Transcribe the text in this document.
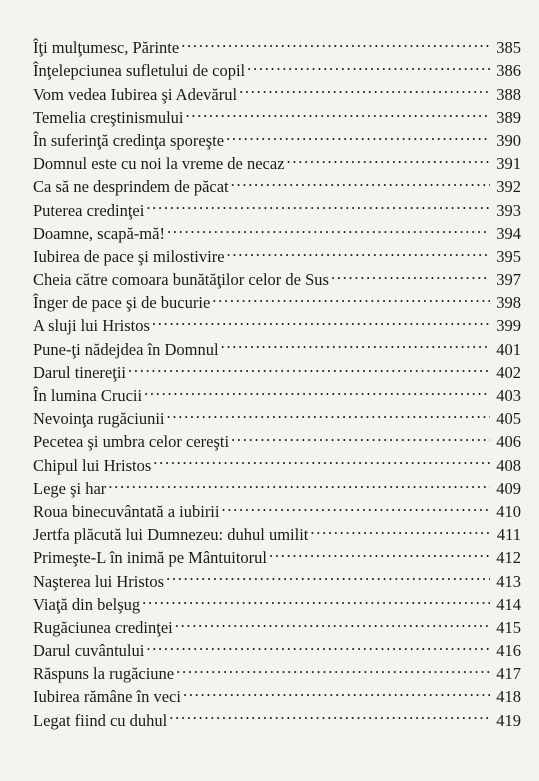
Îţi mulţumesc, Părinte . . .	385
Înţelepciunea sufletului de copil . . .	386
Vom vedea Iubirea şi Adevărul . . .	388
Temelia creştinismului . . .	389
În suferinţă credinţa sporeşte . . .	390
Domnul este cu noi la vreme de necaz . . .	391
Ca să ne desprindem de păcat . . .	392
Puterea credinţei . . .	393
Doamne, scapă-mă! . . .	394
Iubirea de pace şi milostivire . . .	395
Cheia către comoara bunătăţilor celor de Sus . . .	397
Înger de pace şi de bucurie . . .	398
A sluji lui Hristos . . .	399
Pune-ţi nădejdea în Domnul . . .	401
Darul tinereţii . . .	402
În lumina Crucii . . .	403
Nevoinţa rugăciunii . . .	405
Pecetea şi umbra celor cereşti . . .	406
Chipul lui Hristos . . .	408
Lege şi har . . .	409
Roua binecuvântată a iubirii . . .	410
Jertfa plăcută lui Dumnezeu: duhul umilit . . .	411
Primeşte-L în inimă pe Mântuitorul . . .	412
Naşterea lui Hristos . . .	413
Viaţă din belşug . . .	414
Rugăciunea credinţei . . .	415
Darul cuvântului . . .	416
Răspuns la rugăciune . . .	417
Iubirea rămâne în veci . . .	418
Legat fiind cu duhul . . .	419
